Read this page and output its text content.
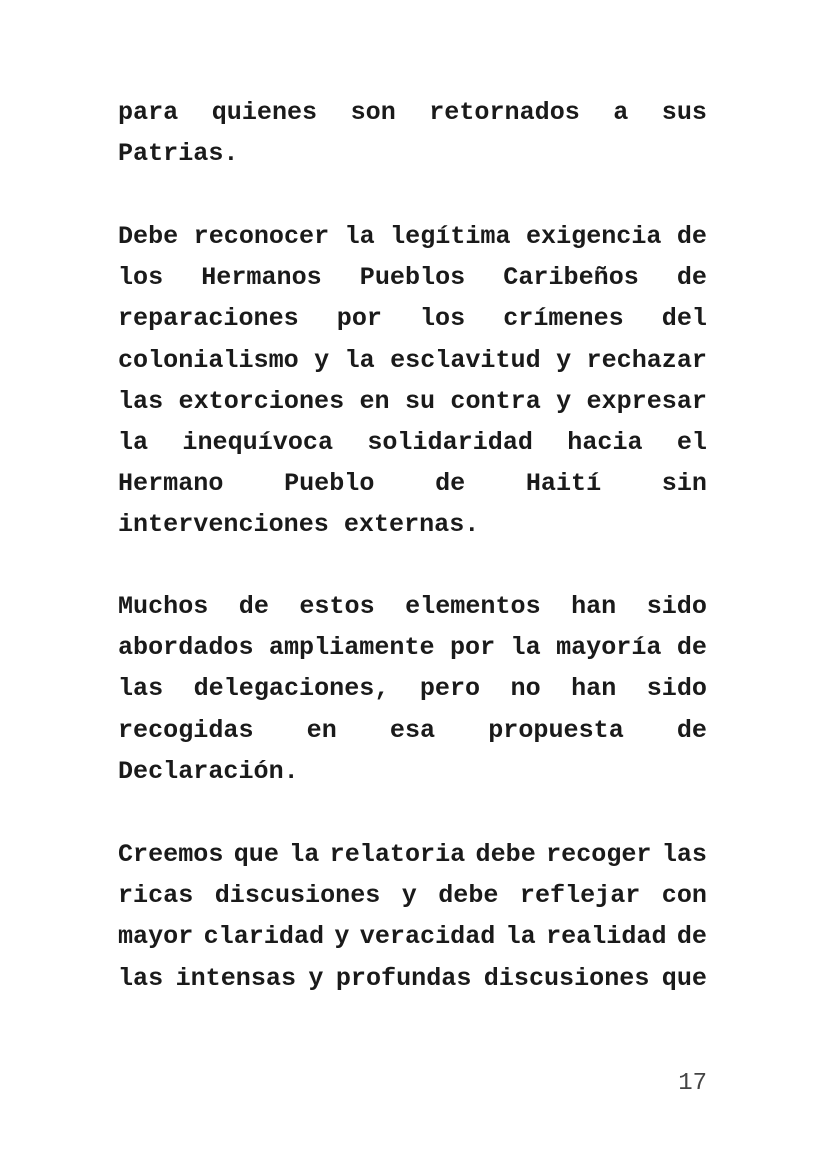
para quienes son retornados a sus
Patrias.
Debe reconocer la legítima exigencia de
los Hermanos Pueblos Caribeños de
reparaciones por los crímenes del
colonialismo y la esclavitud y rechazar
las extorciones en su contra y expresar
la inequívoca solidaridad hacia el
Hermano Pueblo de Haití sin
intervenciones externas.
Muchos de estos elementos han sido
abordados ampliamente por la mayoría de
las delegaciones, pero no han sido
recogidas en esa propuesta de
Declaración.
Creemos que la relatoria debe recoger las
ricas discusiones y debe reflejar con
mayor claridad y veracidad la realidad de
las intensas y profundas discusiones que
17
